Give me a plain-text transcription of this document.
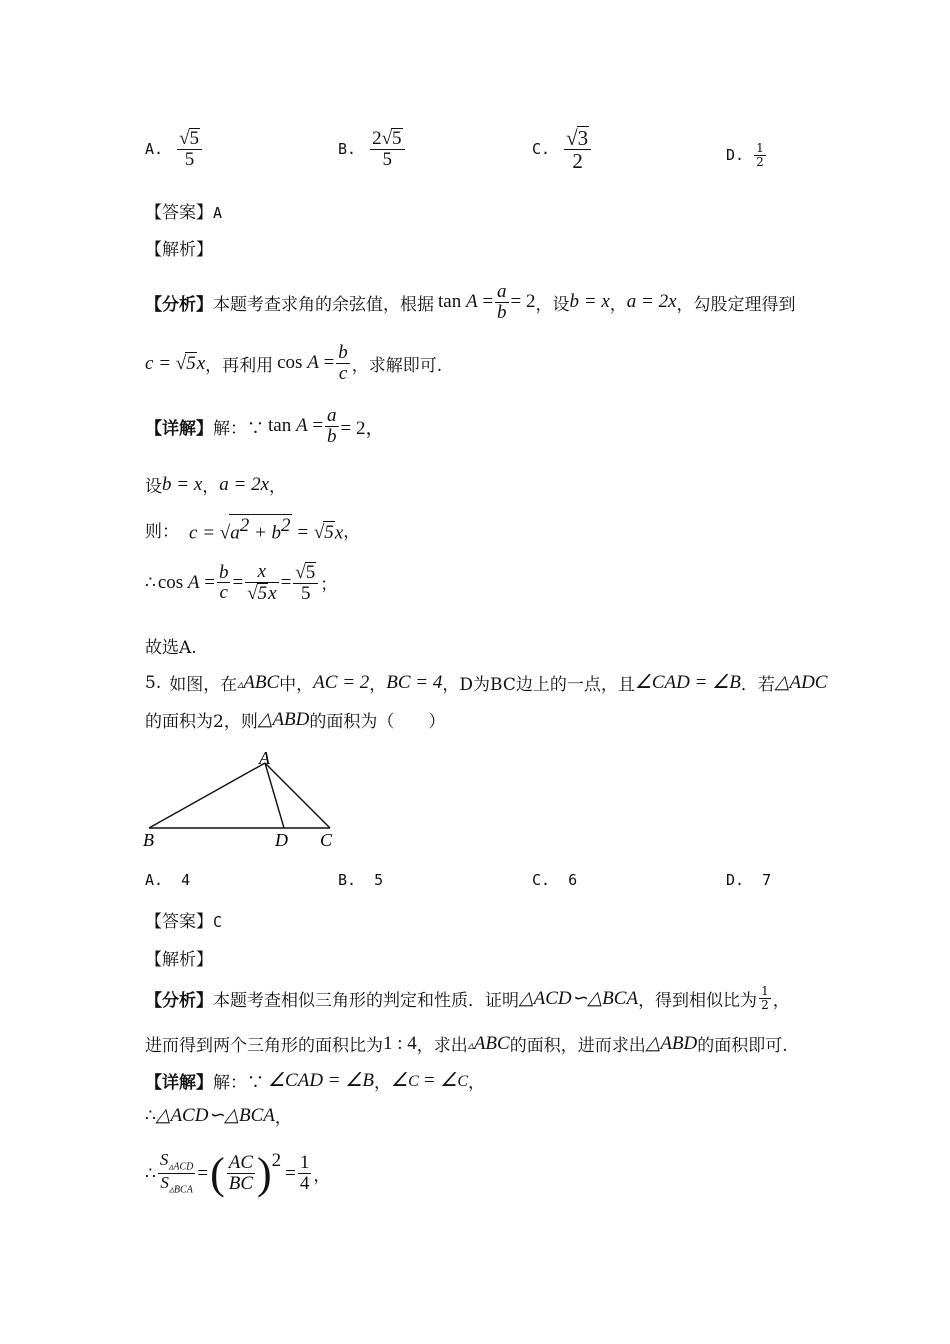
A. $\frac{√5}{5}$	B. $\frac{2√5}{5}$	C. $\frac{√3}{2}$	D. $\frac{1}{2}$
【答案】A
【解析】
【分析】 本题考查求角的余弦值，根据 $\tan A = \frac{a}{b} = 2$ ，设 b = x ， a = 2x ，勾股定理得到
c = √5x ，再利用 $\cos A = \frac{b}{c}$ ，求解即可.
【详解】 解：∵ $\tan A = \frac{a}{b} = 2$，
设 b = x ， a = 2x ，
则： $c = √a^2 + b^2 = √5x$ ，
∴ $\cos A = \frac{b}{c} = \frac{x}{√5x} = \frac{√5}{5}$ ；
故选A.
5. 如图，在 ▵ABC 中， AC = 2 ， BC = 4 ，D为BC边上的一点，且 ∠CAD = ∠B ．若 △ADC
的面积为2，则 △ABD 的面积为（　　）
A
B	D C
A. 4	B. 5	C. 6	D. 7
【答案】C
【解析】
【分析】 本题考查相似三角形的判定和性质．证明 △ACD∽△BCA ，得到相似比为 $\frac{1}{2}$ ，
进而得到两个三角形的面积比为 1 : 4 ，求出 ▵ABC 的面积，进而求出 △ABD 的面积即可.
【详解】 解：∵ ∠CAD = ∠B ， ∠C = ∠C ，
∴ △ACD∽△BCA ，
∴ $\frac{S_{▵ACD}}{S_{▵BCA}}$ = ( $\frac{AC}{BC}$ ) 2
= $\frac{1}{4}$ ，
